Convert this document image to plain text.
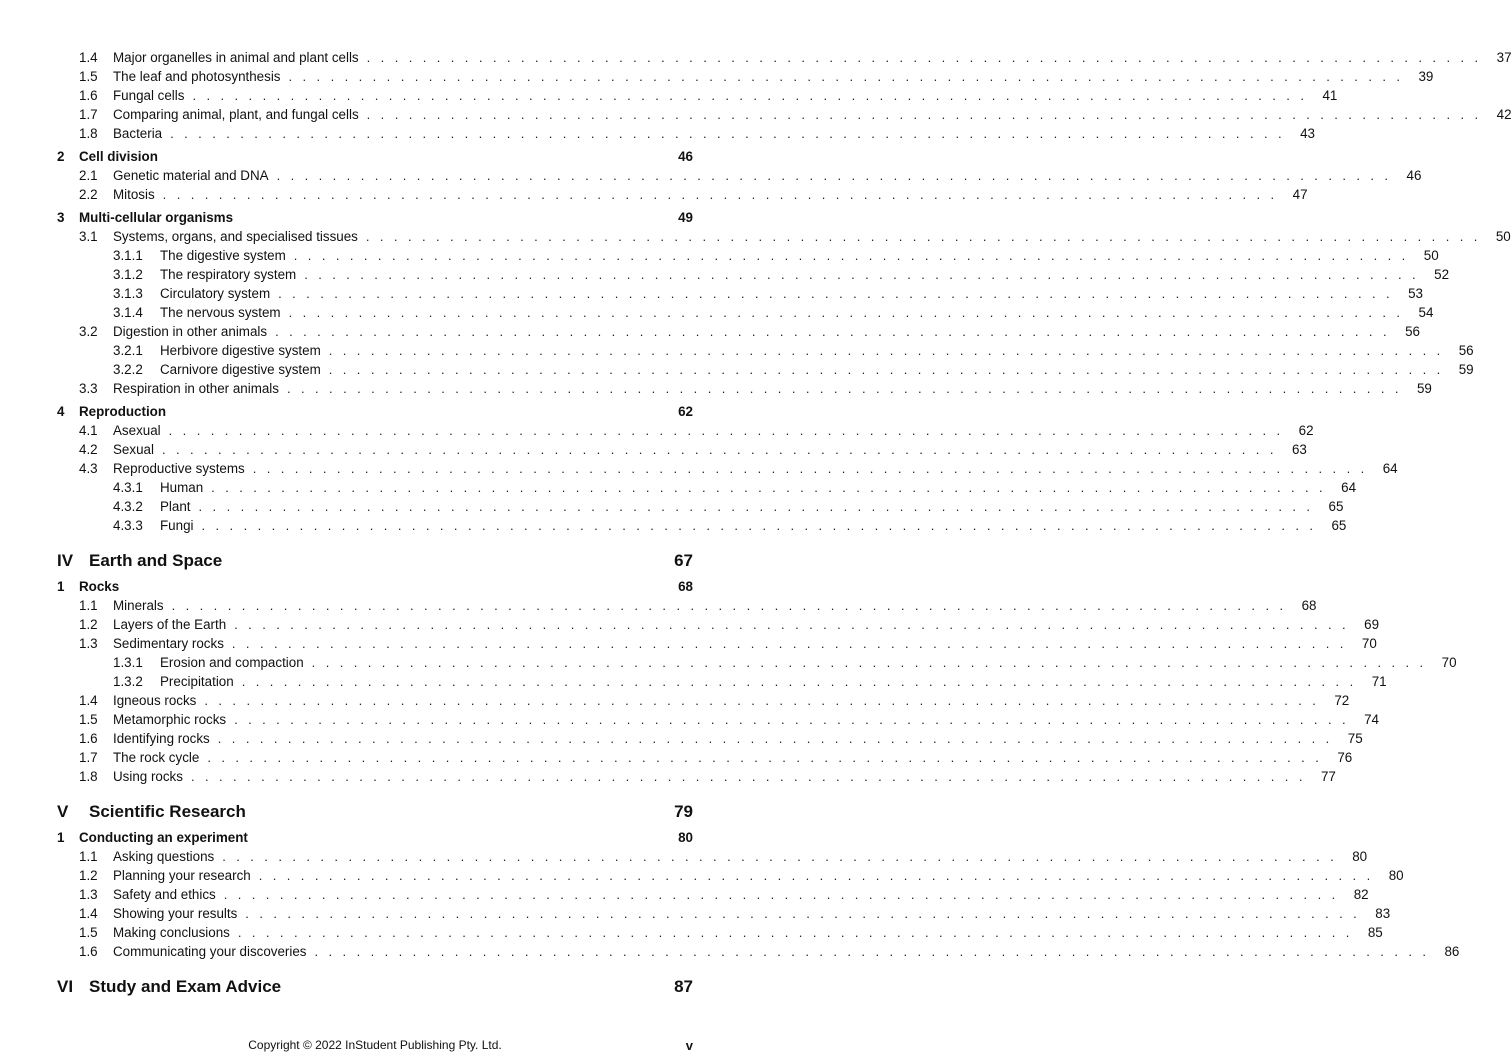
1.4	Major organelles in animal and plant cells . . . . . . . . . . . . . . . . . . . . . . . . . . . . . . . . . . . . . . . . . . . . . . . . . . . . . . . . . . . . . . . . . . . . . . . . . . . . . . . .	37
1.5	The leaf and photosynthesis . . . . . . . . . . . . . . . . . . . . . . . . . . . . . . . . . . . . . . . . . . . . . . . . . . . . . . . . . . . . . . . . . . . . . . . . . . . . . . . .	39
1.6	Fungal cells . . . . . . . . . . . . . . . . . . . . . . . . . . . . . . . . . . . . . . . . . . . . . . . . . . . . . . . . . . . . . . . . . . . . . . . . . . . . . . . .	41
1.7	Comparing animal, plant, and fungal cells . . . . . . . . . . . . . . . . . . . . . . . . . . . . . . . . . . . . . . . . . . . . . . . . . . . . . . . . . . . . . . . . . . . . . . . . . . . . . . . .	42
1.8	Bacteria . . . . . . . . . . . . . . . . . . . . . . . . . . . . . . . . . . . . . . . . . . . . . . . . . . . . . . . . . . . . . . . . . . . . . . . . . . . . . . . .	43
2	Cell division	46
2.1	Genetic material and DNA . . . . . . . . . . . . . . . . . . . . . . . . . . . . . . . . . . . . . . . . . . . . . . . . . . . . . . . . . . . . . . . . . . . . . . . . . . . . . . . .	46
2.2	Mitosis . . . . . . . . . . . . . . . . . . . . . . . . . . . . . . . . . . . . . . . . . . . . . . . . . . . . . . . . . . . . . . . . . . . . . . . . . . . . . . . .	47
3	Multi-cellular organisms	49
3.1	Systems, organs, and specialised tissues . . . . . . . . . . . . . . . . . . . . . . . . . . . . . . . . . . . . . . . . . . . . . . . . . . . . . . . . . . . . . . . . . . . . . . . . . . . . . . . .	50
3.1.1	The digestive system . . . . . . . . . . . . . . . . . . . . . . . . . . . . . . . . . . . . . . . . . . . . . . . . . . . . . . . . . . . . . . . . . . . . . . . . . . . . . . . .	50
3.1.2	The respiratory system . . . . . . . . . . . . . . . . . . . . . . . . . . . . . . . . . . . . . . . . . . . . . . . . . . . . . . . . . . . . . . . . . . . . . . . . . . . . . . . .	52
3.1.3	Circulatory system . . . . . . . . . . . . . . . . . . . . . . . . . . . . . . . . . . . . . . . . . . . . . . . . . . . . . . . . . . . . . . . . . . . . . . . . . . . . . . . .	53
3.1.4	The nervous system . . . . . . . . . . . . . . . . . . . . . . . . . . . . . . . . . . . . . . . . . . . . . . . . . . . . . . . . . . . . . . . . . . . . . . . . . . . . . . . .	54
3.2	Digestion in other animals . . . . . . . . . . . . . . . . . . . . . . . . . . . . . . . . . . . . . . . . . . . . . . . . . . . . . . . . . . . . . . . . . . . . . . . . . . . . . . . .	56
3.2.1	Herbivore digestive system . . . . . . . . . . . . . . . . . . . . . . . . . . . . . . . . . . . . . . . . . . . . . . . . . . . . . . . . . . . . . . . . . . . . . . . . . . . . . . . .	56
3.2.2	Carnivore digestive system . . . . . . . . . . . . . . . . . . . . . . . . . . . . . . . . . . . . . . . . . . . . . . . . . . . . . . . . . . . . . . . . . . . . . . . . . . . . . . . .	59
3.3	Respiration in other animals . . . . . . . . . . . . . . . . . . . . . . . . . . . . . . . . . . . . . . . . . . . . . . . . . . . . . . . . . . . . . . . . . . . . . . . . . . . . . . . .	59
4	Reproduction	62
4.1	Asexual . . . . . . . . . . . . . . . . . . . . . . . . . . . . . . . . . . . . . . . . . . . . . . . . . . . . . . . . . . . . . . . . . . . . . . . . . . . . . . . .	62
4.2	Sexual . . . . . . . . . . . . . . . . . . . . . . . . . . . . . . . . . . . . . . . . . . . . . . . . . . . . . . . . . . . . . . . . . . . . . . . . . . . . . . . .	63
4.3	Reproductive systems . . . . . . . . . . . . . . . . . . . . . . . . . . . . . . . . . . . . . . . . . . . . . . . . . . . . . . . . . . . . . . . . . . . . . . . . . . . . . . . .	64
4.3.1	Human . . . . . . . . . . . . . . . . . . . . . . . . . . . . . . . . . . . . . . . . . . . . . . . . . . . . . . . . . . . . . . . . . . . . . . . . . . . . . . . .	64
4.3.2	Plant . . . . . . . . . . . . . . . . . . . . . . . . . . . . . . . . . . . . . . . . . . . . . . . . . . . . . . . . . . . . . . . . . . . . . . . . . . . . . . . .	65
4.3.3	Fungi . . . . . . . . . . . . . . . . . . . . . . . . . . . . . . . . . . . . . . . . . . . . . . . . . . . . . . . . . . . . . . . . . . . . . . . . . . . . . . . .	65
IV Earth and Space	67
1	Rocks	68
1.1	Minerals . . . . . . . . . . . . . . . . . . . . . . . . . . . . . . . . . . . . . . . . . . . . . . . . . . . . . . . . . . . . . . . . . . . . . . . . . . . . . . . .	68
1.2	Layers of the Earth . . . . . . . . . . . . . . . . . . . . . . . . . . . . . . . . . . . . . . . . . . . . . . . . . . . . . . . . . . . . . . . . . . . . . . . . . . . . . . . .	69
1.3	Sedimentary rocks . . . . . . . . . . . . . . . . . . . . . . . . . . . . . . . . . . . . . . . . . . . . . . . . . . . . . . . . . . . . . . . . . . . . . . . . . . . . . . . .	70
1.3.1	Erosion and compaction . . . . . . . . . . . . . . . . . . . . . . . . . . . . . . . . . . . . . . . . . . . . . . . . . . . . . . . . . . . . . . . . . . . . . . . . . . . . . . . .	70
1.3.2	Precipitation . . . . . . . . . . . . . . . . . . . . . . . . . . . . . . . . . . . . . . . . . . . . . . . . . . . . . . . . . . . . . . . . . . . . . . . . . . . . . . . .	71
1.4	Igneous rocks . . . . . . . . . . . . . . . . . . . . . . . . . . . . . . . . . . . . . . . . . . . . . . . . . . . . . . . . . . . . . . . . . . . . . . . . . . . . . . . .	72
1.5	Metamorphic rocks . . . . . . . . . . . . . . . . . . . . . . . . . . . . . . . . . . . . . . . . . . . . . . . . . . . . . . . . . . . . . . . . . . . . . . . . . . . . . . . .	74
1.6	Identifying rocks . . . . . . . . . . . . . . . . . . . . . . . . . . . . . . . . . . . . . . . . . . . . . . . . . . . . . . . . . . . . . . . . . . . . . . . . . . . . . . . .	75
1.7	The rock cycle . . . . . . . . . . . . . . . . . . . . . . . . . . . . . . . . . . . . . . . . . . . . . . . . . . . . . . . . . . . . . . . . . . . . . . . . . . . . . . . .	76
1.8	Using rocks . . . . . . . . . . . . . . . . . . . . . . . . . . . . . . . . . . . . . . . . . . . . . . . . . . . . . . . . . . . . . . . . . . . . . . . . . . . . . . . .	77
V	Scientific Research	79
1	Conducting an experiment	80
1.1	Asking questions . . . . . . . . . . . . . . . . . . . . . . . . . . . . . . . . . . . . . . . . . . . . . . . . . . . . . . . . . . . . . . . . . . . . . . . . . . . . . . . .	80
1.2	Planning your research . . . . . . . . . . . . . . . . . . . . . . . . . . . . . . . . . . . . . . . . . . . . . . . . . . . . . . . . . . . . . . . . . . . . . . . . . . . . . . . .	80
1.3	Safety and ethics . . . . . . . . . . . . . . . . . . . . . . . . . . . . . . . . . . . . . . . . . . . . . . . . . . . . . . . . . . . . . . . . . . . . . . . . . . . . . . . .	82
1.4	Showing your results . . . . . . . . . . . . . . . . . . . . . . . . . . . . . . . . . . . . . . . . . . . . . . . . . . . . . . . . . . . . . . . . . . . . . . . . . . . . . . . .	83
1.5	Making conclusions . . . . . . . . . . . . . . . . . . . . . . . . . . . . . . . . . . . . . . . . . . . . . . . . . . . . . . . . . . . . . . . . . . . . . . . . . . . . . . . .	85
1.6	Communicating your discoveries . . . . . . . . . . . . . . . . . . . . . . . . . . . . . . . . . . . . . . . . . . . . . . . . . . . . . . . . . . . . . . . . . . . . . . . . . . . . . . . .	86
VI Study and Exam Advice	87
Copyright © 2022 InStudent Publishing Pty. Ltd.	v
